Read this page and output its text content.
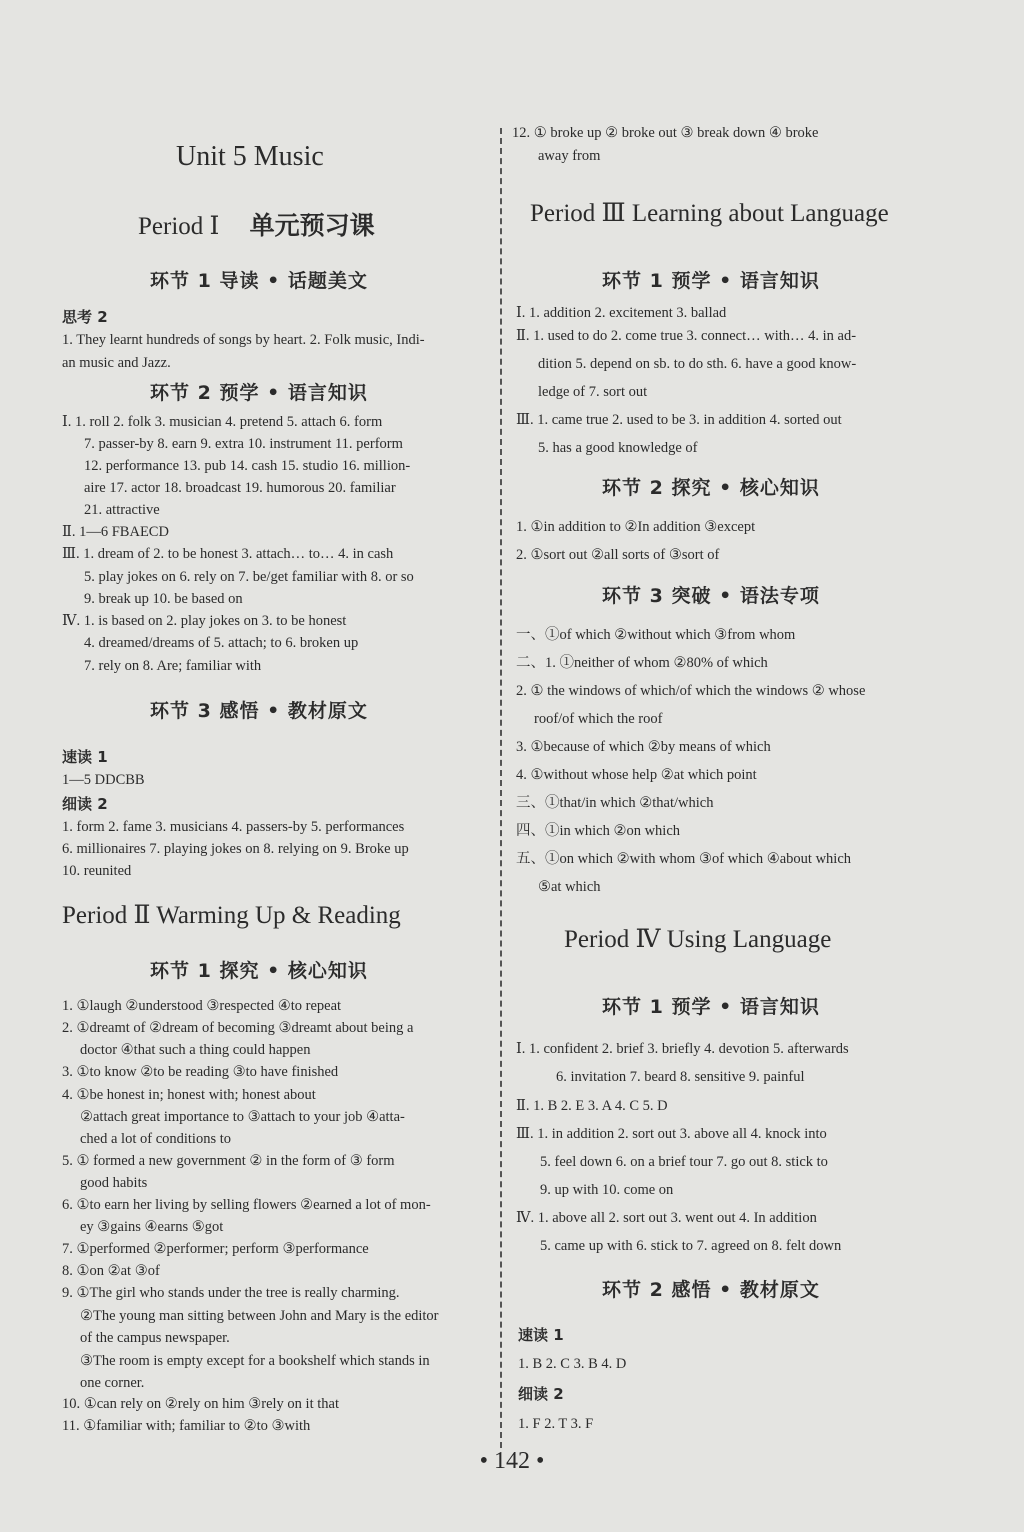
Unit 5 Music
Period Ⅰ 单元预习课
环节 1 导读 • 话题美文
思考 2
1. They learnt hundreds of songs by heart. 2. Folk music, Indi-
an music and Jazz.
环节 2 预学 • 语言知识
Ⅰ. 1. roll 2. folk 3. musician 4. pretend 5. attach 6. form
7. passer-by 8. earn 9. extra 10. instrument 11. perform
12. performance 13. pub 14. cash 15. studio 16. million-
aire 17. actor 18. broadcast 19. humorous 20. familiar
21. attractive
Ⅱ. 1—6 FBAECD
Ⅲ. 1. dream of 2. to be honest 3. attach… to… 4. in cash
5. play jokes on 6. rely on 7. be/get familiar with 8. or so
9. break up 10. be based on
Ⅳ. 1. is based on 2. play jokes on 3. to be honest
4. dreamed/dreams of 5. attach; to 6. broken up
7. rely on 8. Are; familiar with
环节 3 感悟 • 教材原文
速读 1
1—5 DDCBB
细读 2
1. form 2. fame 3. musicians 4. passers-by 5. performances
6. millionaires 7. playing jokes on 8. relying on 9. Broke up
10. reunited
Period Ⅱ Warming Up & Reading
环节 1 探究 • 核心知识
1. ①laugh ②understood ③respected ④to repeat
2. ①dreamt of ②dream of becoming ③dreamt about being a
doctor ④that such a thing could happen
3. ①to know ②to be reading ③to have finished
4. ①be honest in; honest with; honest about
②attach great importance to ③attach to your job ④atta-
ched a lot of conditions to
5. ① formed a new government ② in the form of ③ form
good habits
6. ①to earn her living by selling flowers ②earned a lot of mon-
ey ③gains ④earns ⑤got
7. ①performed ②performer; perform ③performance
8. ①on ②at ③of
9. ①The girl who stands under the tree is really charming.
②The young man sitting between John and Mary is the editor
of the campus newspaper.
③The room is empty except for a bookshelf which stands in
one corner.
10. ①can rely on ②rely on him ③rely on it that
11. ①familiar with; familiar to ②to ③with
12. ① broke up ② broke out ③ break down ④ broke
away from
Period Ⅲ Learning about Language
环节 1 预学 • 语言知识
Ⅰ. 1. addition 2. excitement 3. ballad
Ⅱ. 1. used to do 2. come true 3. connect… with… 4. in ad-
dition 5. depend on sb. to do sth. 6. have a good know-
ledge of 7. sort out
Ⅲ. 1. came true 2. used to be 3. in addition 4. sorted out
5. has a good knowledge of
环节 2 探究 • 核心知识
1. ①in addition to ②In addition ③except
2. ①sort out ②all sorts of ③sort of
环节 3 突破 • 语法专项
一、①of which ②without which ③from whom
二、1. ①neither of whom ②80% of which
2. ① the windows of which/of which the windows ② whose
roof/of which the roof
3. ①because of which ②by means of which
4. ①without whose help ②at which point
三、①that/in which ②that/which
四、①in which ②on which
五、①on which ②with whom ③of which ④about which
⑤at which
Period Ⅳ Using Language
环节 1 预学 • 语言知识
Ⅰ. 1. confident 2. brief 3. briefly 4. devotion 5. afterwards
6. invitation 7. beard 8. sensitive 9. painful
Ⅱ. 1. B 2. E 3. A 4. C 5. D
Ⅲ. 1. in addition 2. sort out 3. above all 4. knock into
5. feel down 6. on a brief tour 7. go out 8. stick to
9. up with 10. come on
Ⅳ. 1. above all 2. sort out 3. went out 4. In addition
5. came up with 6. stick to 7. agreed on 8. felt down
环节 2 感悟 • 教材原文
速读 1
1. B 2. C 3. B 4. D
细读 2
1. F 2. T 3. F
• 142 •
